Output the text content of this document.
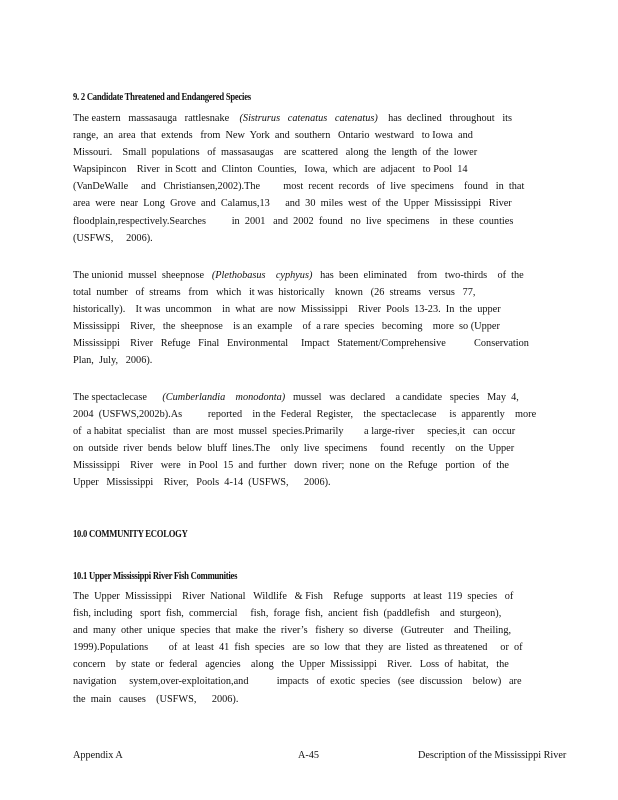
9. 2 Candidate Threatened and Endangered Species
The eastern   massasauga   rattlesnake    (Sistrurus   catenatus   catenatus)    has  declined   throughout   its
range,  an  area  that  extends   from  New  York  and  southern   Ontario  westward   to Iowa  and
Missouri.    Small  populations   of  massasaugas    are  scattered   along  the  length  of  the  lower
Wapsipincon    River  in Scott  and  Clinton  Counties,   Iowa,  which  are  adjacent   to Pool  14
(VanDeWalle     and   Christiansen,2002).The         most  recent  records   of  live  specimens    found   in  that
area  were  near  Long  Grove  and  Calamus,13      and  30  miles  west  of  the  Upper  Mississippi   River
floodplain,respectively.Searches          in  2001   and  2002  found   no  live  specimens    in  these  counties
(USFWS,     2006).
The unionid  mussel  sheepnose   (Plethobasus    cyphyus)   has  been  eliminated    from   two-thirds    of  the
total  number   of  streams   from   which   it was  historically    known   (26  streams   versus   77,
historically).    It was  uncommon    in  what  are  now  Mississippi    River  Pools  13-23.  In  the  upper
Mississippi    River,   the  sheepnose    is an  example    of  a rare  species   becoming    more  so (Upper
Mississippi    River   Refuge   Final   Environmental     Impact   Statement/Comprehensive           Conservation
Plan,  July,   2006).
The spectaclecase      (Cumberlandia    monodonta)   mussel   was  declared    a candidate   species   May  4,
2004  (USFWS,2002b).As          reported    in the  Federal  Register,    the  spectaclecase     is  apparently    more
of  a habitat  specialist   than  are  most  mussel  species.Primarily        a large-river     species,it   can  occur
on  outside  river  bends  below  bluff  lines.The    only  live  specimens     found   recently    on  the  Upper
Mississippi    River   were   in Pool  15  and  further   down  river;  none  on  the  Refuge   portion   of  the
Upper   Mississippi    River,   Pools  4-14  (USFWS,      2006).
10.0 COMMUNITY ECOLOGY
10.1 Upper Mississippi River Fish Communities
The  Upper  Mississippi    River  National   Wildlife   & Fish    Refuge   supports   at least  119  species   of
fish, including   sport  fish,  commercial     fish,  forage  fish,  ancient  fish  (paddlefish    and  sturgeon),
and  many  other  unique  species  that  make  the  river’s   fishery  so  diverse   (Gutreuter    and  Theiling,
1999).Populations        of  at  least  41  fish  species   are  so  low  that  they  are  listed  as threatened     or  of
concern    by  state  or  federal   agencies    along   the  Upper  Mississippi    River.   Loss  of  habitat,   the
navigation     system,over-exploitation,and           impacts   of  exotic  species   (see  discussion    below)   are
the  main   causes    (USFWS,      2006).
Appendix A	A-45	Description of the Mississippi River
